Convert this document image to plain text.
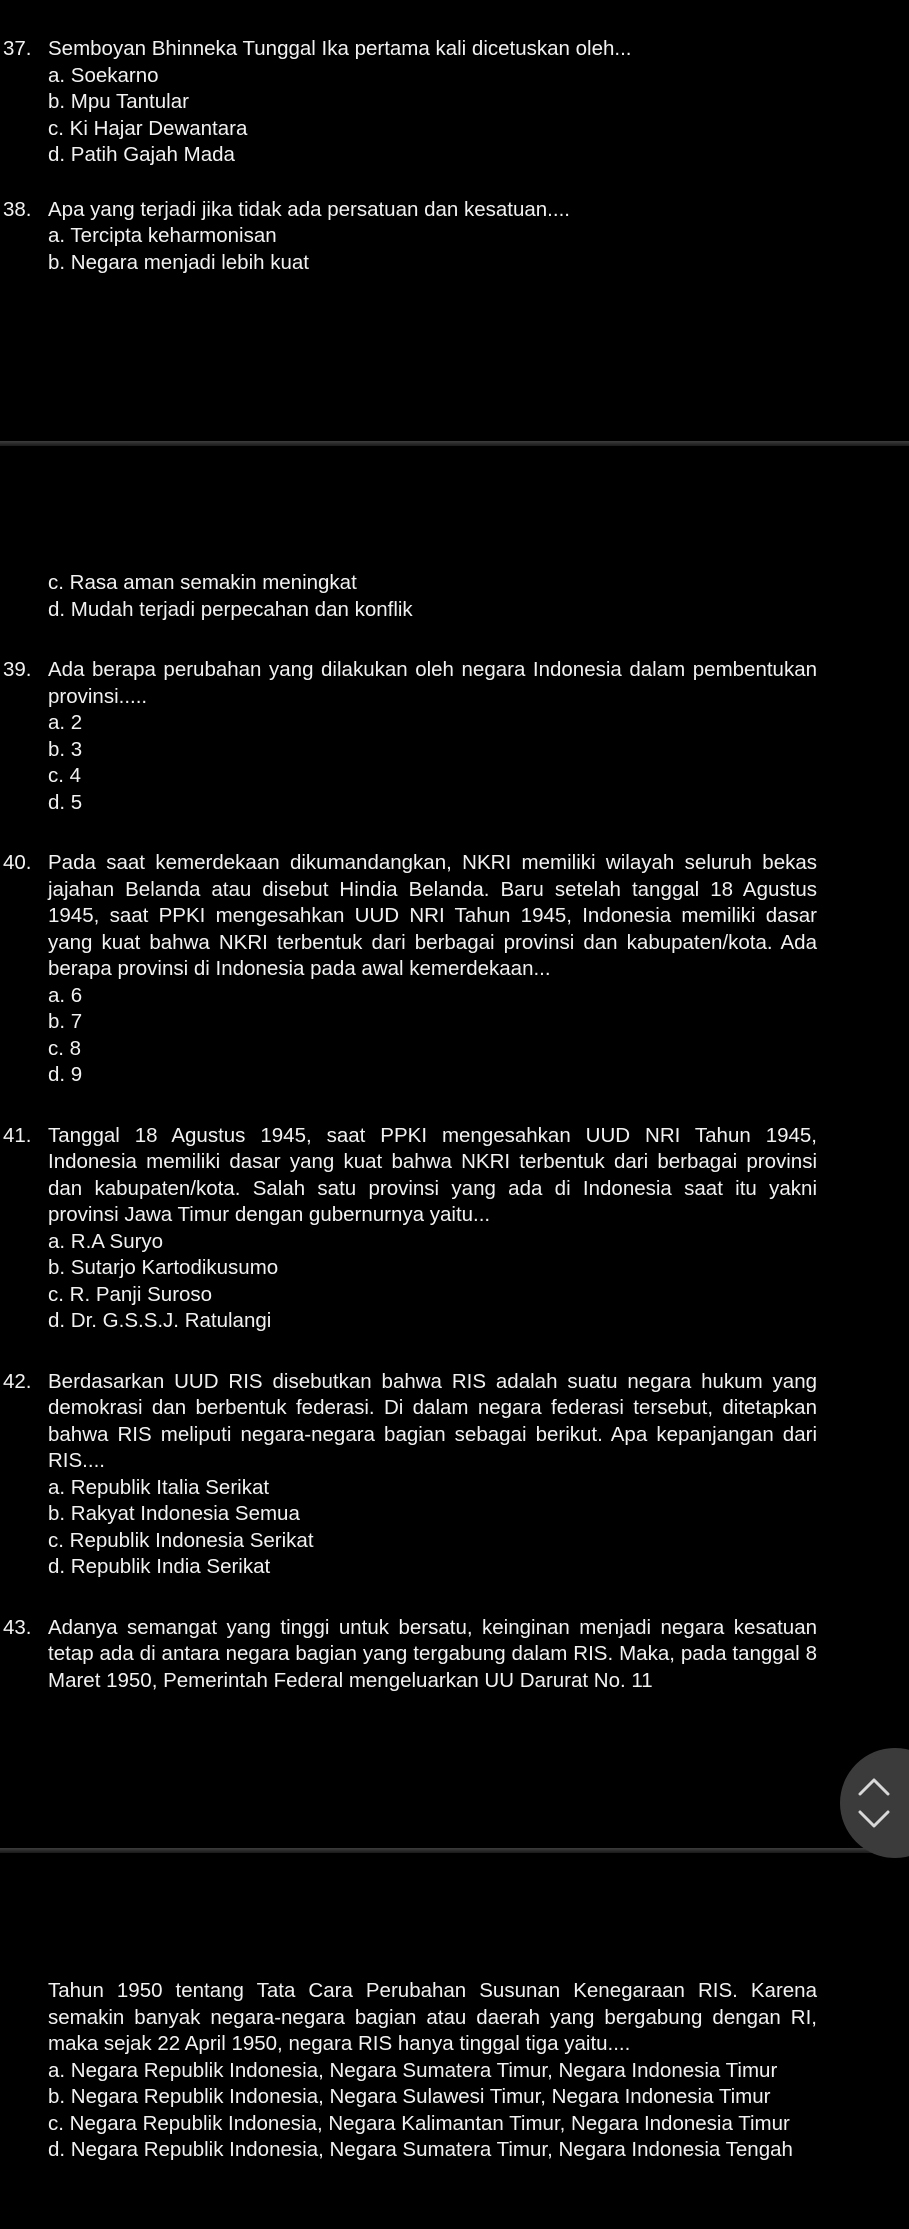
37. Semboyan Bhinneka Tunggal Ika pertama kali dicetuskan oleh...
a. Soekarno
b. Mpu Tantular
c. Ki Hajar Dewantara
d. Patih Gajah Mada
38. Apa yang terjadi jika tidak ada persatuan dan kesatuan....
a. Tercipta keharmonisan
b. Negara menjadi lebih kuat
c. Rasa aman semakin meningkat
d. Mudah terjadi perpecahan dan konflik
39. Ada berapa perubahan yang dilakukan oleh negara Indonesia dalam pembentukan provinsi.....
a. 2
b. 3
c. 4
d. 5
40. Pada saat kemerdekaan dikumandangkan, NKRI memiliki wilayah seluruh bekas jajahan Belanda atau disebut Hindia Belanda. Baru setelah tanggal 18 Agustus 1945, saat PPKI mengesahkan UUD NRI Tahun 1945, Indonesia memiliki dasar yang kuat bahwa NKRI terbentuk dari berbagai provinsi dan kabupaten/kota. Ada berapa provinsi di Indonesia pada awal kemerdekaan...
a. 6
b. 7
c. 8
d. 9
41. Tanggal 18 Agustus 1945, saat PPKI mengesahkan UUD NRI Tahun 1945, Indonesia memiliki dasar yang kuat bahwa NKRI terbentuk dari berbagai provinsi dan kabupaten/kota. Salah satu provinsi yang ada di Indonesia saat itu yakni provinsi Jawa Timur dengan gubernurnya yaitu...
a. R.A Suryo
b. Sutarjo Kartodikusumo
c. R. Panji Suroso
d. Dr. G.S.S.J. Ratulangi
42. Berdasarkan UUD RIS disebutkan bahwa RIS adalah suatu negara hukum yang demokrasi dan berbentuk federasi. Di dalam negara federasi tersebut, ditetapkan bahwa RIS meliputi negara-negara bagian sebagai berikut. Apa kepanjangan dari RIS....
a. Republik Italia Serikat
b. Rakyat Indonesia Semua
c. Republik Indonesia Serikat
d. Republik India Serikat
43. Adanya semangat yang tinggi untuk bersatu, keinginan menjadi negara kesatuan tetap ada di antara negara bagian yang tergabung dalam RIS. Maka, pada tanggal 8 Maret 1950, Pemerintah Federal mengeluarkan UU Darurat No. 11
Tahun 1950 tentang Tata Cara Perubahan Susunan Kenegaraan RIS. Karena semakin banyak negara-negara bagian atau daerah yang bergabung dengan RI, maka sejak 22 April 1950, negara RIS hanya tinggal tiga yaitu....
a. Negara Republik Indonesia, Negara Sumatera Timur, Negara Indonesia Timur
b. Negara Republik Indonesia, Negara Sulawesi Timur, Negara Indonesia Timur
c. Negara Republik Indonesia, Negara Kalimantan Timur, Negara Indonesia Timur
d. Negara Republik Indonesia, Negara Sumatera Timur, Negara Indonesia Tengah
